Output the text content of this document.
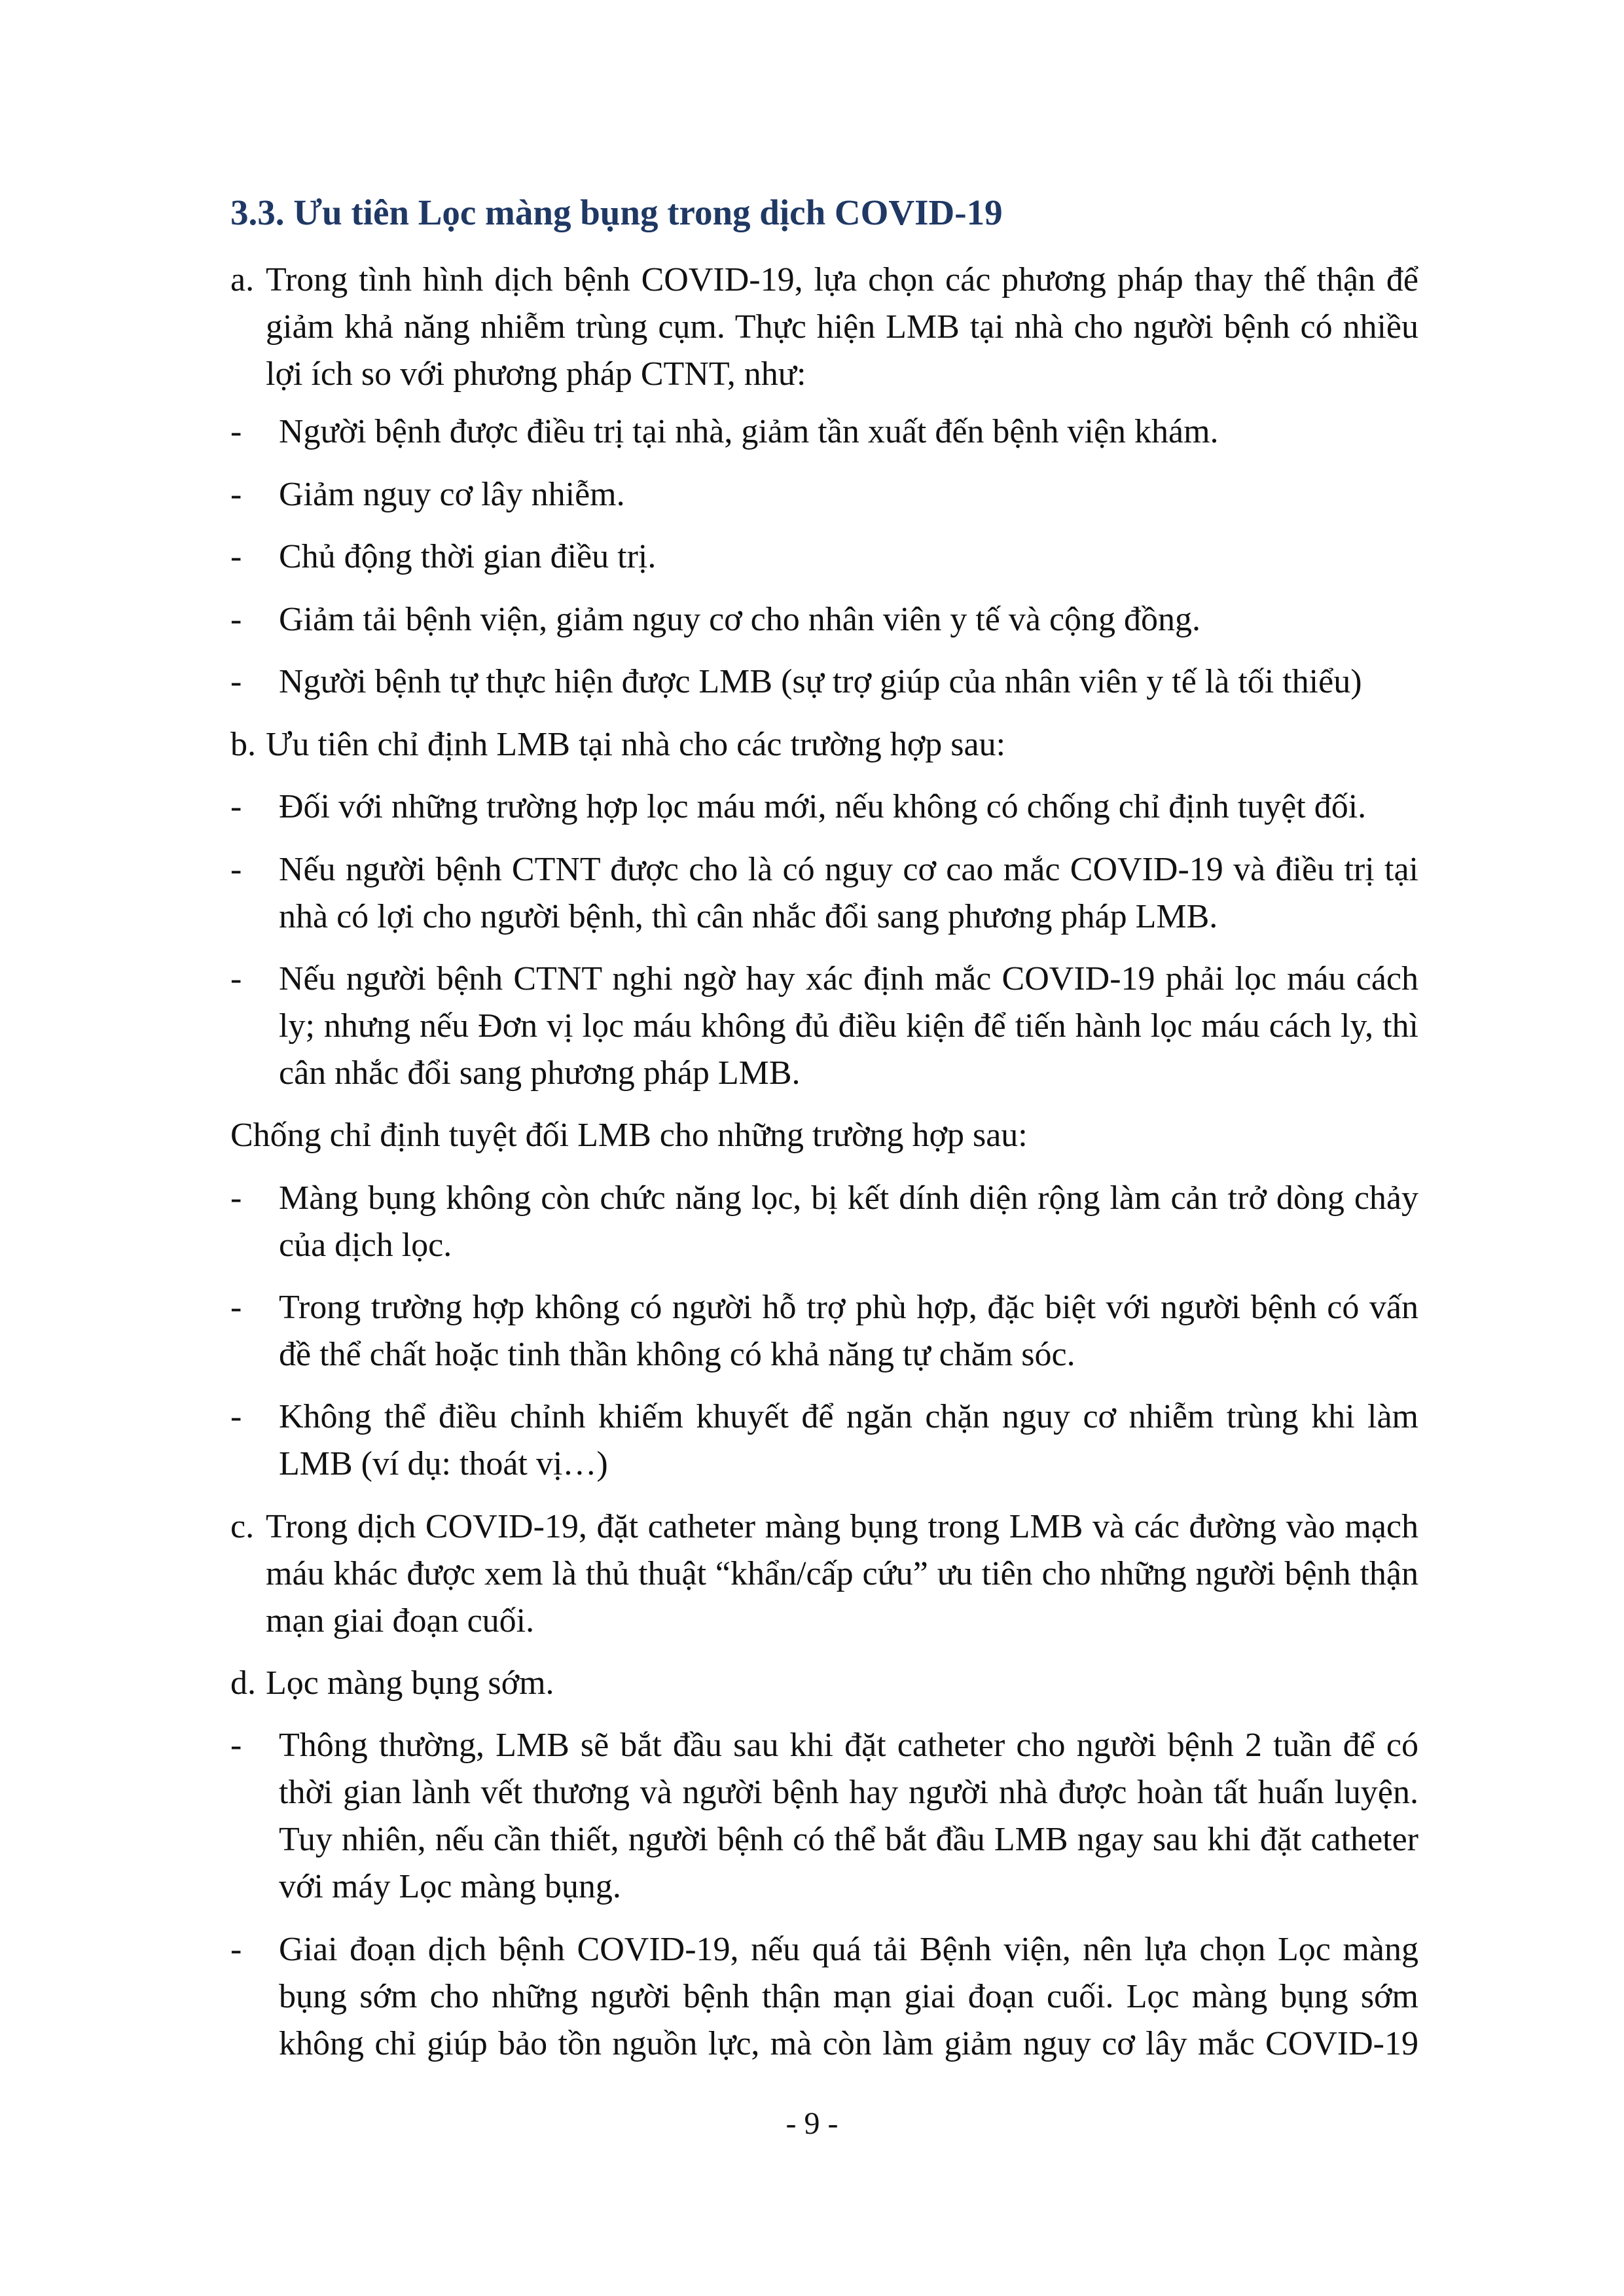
3.3. Ưu tiên Lọc màng bụng trong dịch COVID-19
a. Trong tình hình dịch bệnh COVID-19, lựa chọn các phương pháp thay thế thận để giảm khả năng nhiễm trùng cụm. Thực hiện LMB tại nhà cho người bệnh có nhiều lợi ích so với phương pháp CTNT, như:
- Người bệnh được điều trị tại nhà, giảm tần xuất đến bệnh viện khám.
- Giảm nguy cơ lây nhiễm.
- Chủ động thời gian điều trị.
- Giảm tải bệnh viện, giảm nguy cơ cho nhân viên y tế và cộng đồng.
- Người bệnh tự thực hiện được LMB (sự trợ giúp của nhân viên y tế là tối thiểu)
b. Ưu tiên chỉ định LMB tại nhà cho các trường hợp sau:
- Đối với những trường hợp lọc máu mới, nếu không có chống chỉ định tuyệt đối.
- Nếu người bệnh CTNT được cho là có nguy cơ cao mắc COVID-19 và điều trị tại nhà có lợi cho người bệnh, thì cân nhắc đổi sang phương pháp LMB.
- Nếu người bệnh CTNT nghi ngờ hay xác định mắc COVID-19 phải lọc máu cách ly; nhưng nếu Đơn vị lọc máu không đủ điều kiện để tiến hành lọc máu cách ly, thì cân nhắc đổi sang phương pháp LMB.
Chống chỉ định tuyệt đối LMB cho những trường hợp sau:
- Màng bụng không còn chức năng lọc, bị kết dính diện rộng làm cản trở dòng chảy của dịch lọc.
- Trong trường hợp không có người hỗ trợ phù hợp, đặc biệt với người bệnh có vấn đề thể chất hoặc tinh thần không có khả năng tự chăm sóc.
- Không thể điều chỉnh khiếm khuyết để ngăn chặn nguy cơ nhiễm trùng khi làm LMB (ví dụ: thoát vị…)
c. Trong dịch COVID-19, đặt catheter màng bụng trong LMB và các đường vào mạch máu khác được xem là thủ thuật “khẩn/cấp cứu” ưu tiên cho những người bệnh thận mạn giai đoạn cuối.
d. Lọc màng bụng sớm.
- Thông thường, LMB sẽ bắt đầu sau khi đặt catheter cho người bệnh 2 tuần để có thời gian lành vết thương và người bệnh hay người nhà được hoàn tất huấn luyện. Tuy nhiên, nếu cần thiết, người bệnh có thể bắt đầu LMB ngay sau khi đặt catheter với máy Lọc màng bụng.
- Giai đoạn dịch bệnh COVID-19, nếu quá tải Bệnh viện, nên lựa chọn Lọc màng bụng sớm cho những người bệnh thận mạn giai đoạn cuối. Lọc màng bụng sớm không chỉ giúp bảo tồn nguồn lực, mà còn làm giảm nguy cơ lây mắc COVID-19
- 9 -
